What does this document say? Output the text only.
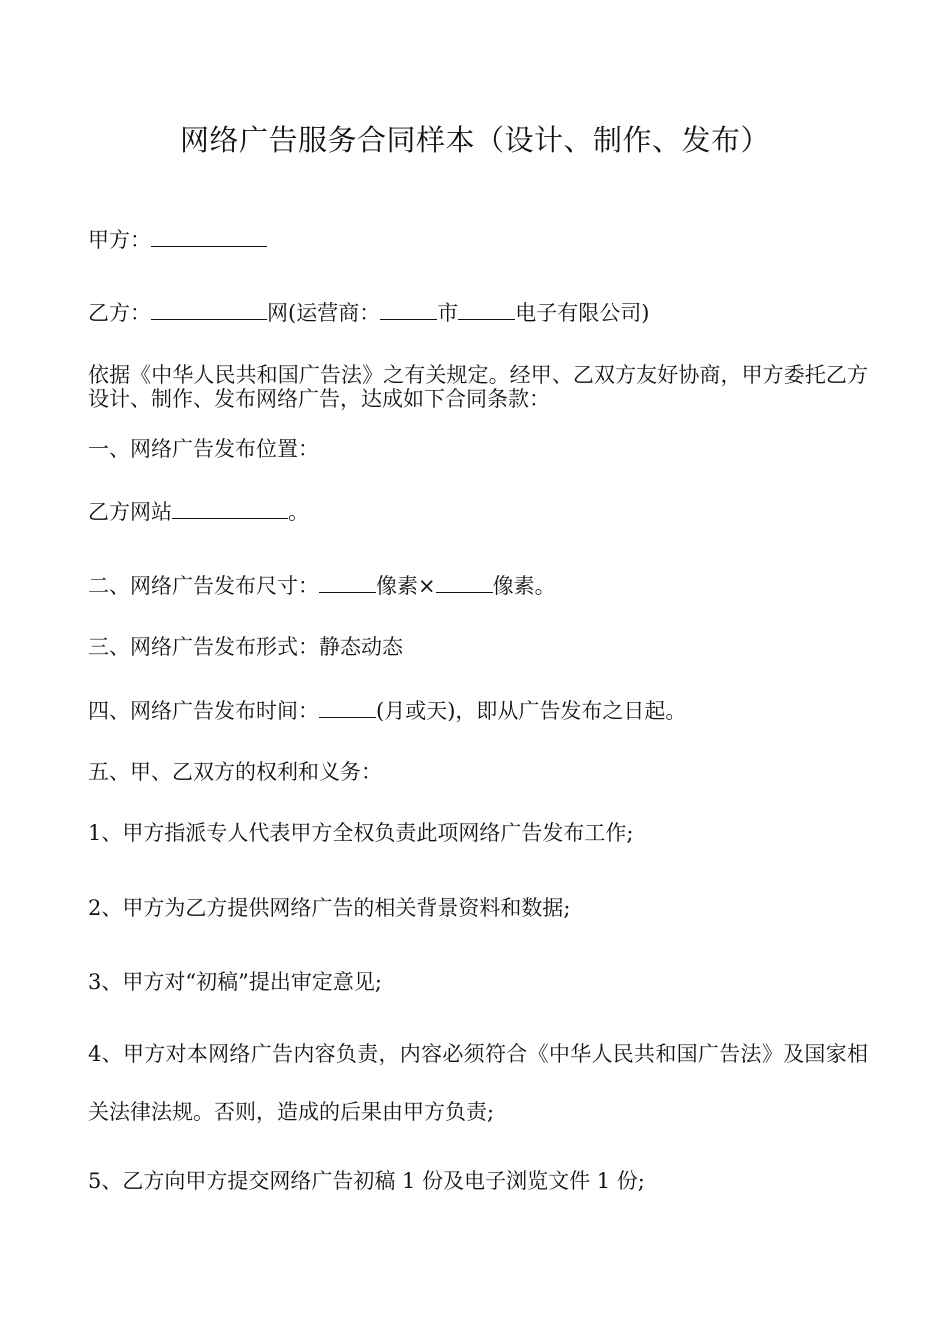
网络广告服务合同样本（设计、制作、发布）
甲方：
乙方：	网(运营商：	市	电子有限公司)
依据《中华人民共和国广告法》之有关规定。经甲、乙双方友好协商，甲方委托乙方设计、制作、发布网络广告，达成如下合同条款：
一、网络广告发布位置：
乙方网站	。
二、网络广告发布尺寸：	像素×	像素。
三、网络广告发布形式：静态动态
四、网络广告发布时间：	(月或天)，即从广告发布之日起。
五、甲、乙双方的权利和义务：
1、甲方指派专人代表甲方全权负责此项网络广告发布工作;
2、甲方为乙方提供网络广告的相关背景资料和数据;
3、甲方对“初稿”提出审定意见;
4、甲方对本网络广告内容负责，内容必须符合《中华人民共和国广告法》及国家相关法律法规。否则，造成的后果由甲方负责;
5、乙方向甲方提交网络广告初稿 1 份及电子浏览文件 1 份;
